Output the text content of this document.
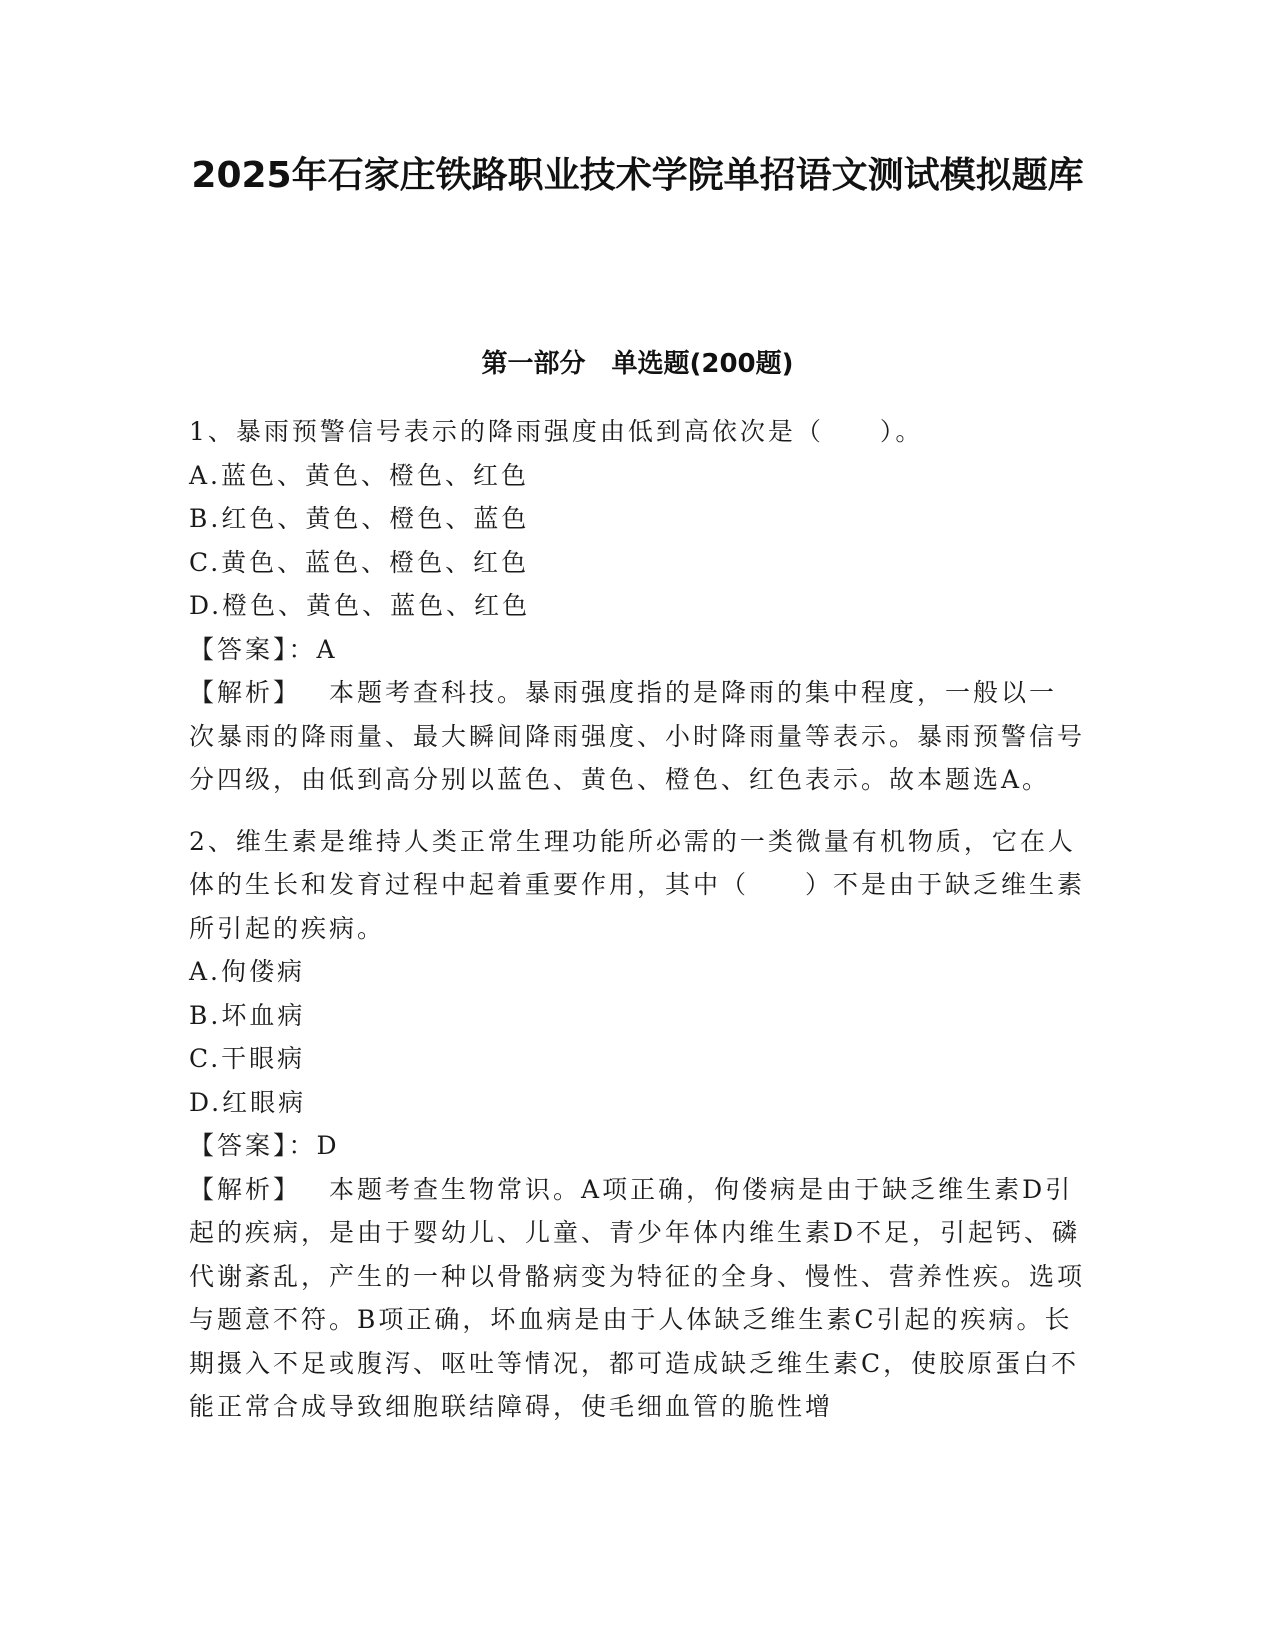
2025年石家庄铁路职业技术学院单招语文测试模拟题库
第一部分　单选题(200题)

1、暴雨预警信号表示的降雨强度由低到高依次是（　　）。

A.蓝色、黄色、橙色、红色

B.红色、黄色、橙色、蓝色

C.黄色、蓝色、橙色、红色

D.橙色、黄色、蓝色、红色

【答案】：A

【解析】 本题考查科技。暴雨强度指的是降雨的集中程度，一般以一次暴雨的降雨量、最大瞬间降雨强度、小时降雨量等表示。暴雨预警信号分四级，由低到高分别以蓝色、黄色、橙色、红色表示。故本题选A。

2、维生素是维持人类正常生理功能所必需的一类微量有机物质，它在人体的生长和发育过程中起着重要作用，其中（　　）不是由于缺乏维生素所引起的疾病。

A.佝偻病

B.坏血病

C.干眼病

D.红眼病

【答案】：D

【解析】 本题考查生物常识。A项正确，佝偻病是由于缺乏维生素D引起的疾病，是由于婴幼儿、儿童、青少年体内维生素D不足，引起钙、磷代谢紊乱，产生的一种以骨骼病变为特征的全身、慢性、营养性疾。选项与题意不符。B项正确，坏血病是由于人体缺乏维生素C引起的疾病。长期摄入不足或腹泻、呕吐等情况，都可造成缺乏维生素C，使胶原蛋白不能正常合成导致细胞联结障碍，使毛细血管的脆性增
